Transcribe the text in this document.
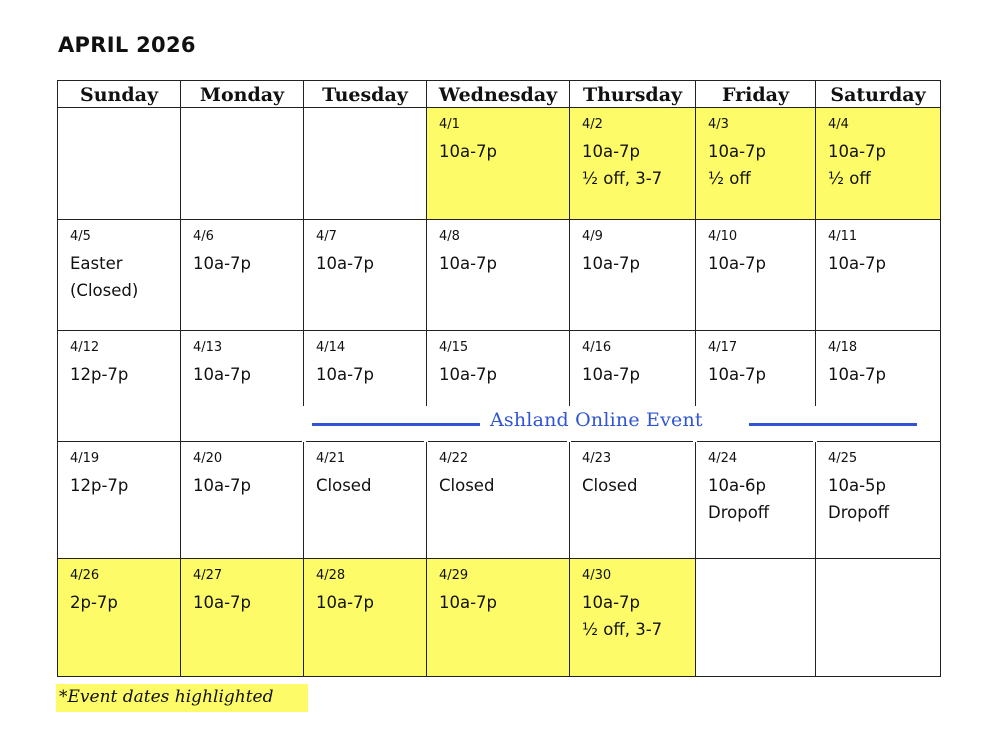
APRIL 2026
Sunday	Monday	Tuesday	Wednesday	Thursday	Friday	Saturday

			4/1
10a-7p	4/2
10a-7p
½ off, 3-7	4/3
10a-7p
½ off	4/4
10a-7p
½ off

4/5
Easter
(Closed)	4/6
10a-7p	4/7
10a-7p	4/8
10a-7p	4/9
10a-7p	4/10
10a-7p	4/11
10a-7p

4/12
12p-7p	4/13
10a-7p	4/14
10a-7p	4/15
10a-7p	4/16
10a-7p	4/17
10a-7p	4/18
10a-7p

4/19
12p-7p	4/20
10a-7p	4/21
Closed	4/22
Closed	4/23
Closed	4/24
10a-6p
Dropoff	4/25
10a-5p
Dropoff

4/26
2p-7p	4/27
10a-7p	4/28
10a-7p	4/29
10a-7p	4/30
10a-7p
½ off, 3-7		

Ashland Online Event
*Event dates highlighted
